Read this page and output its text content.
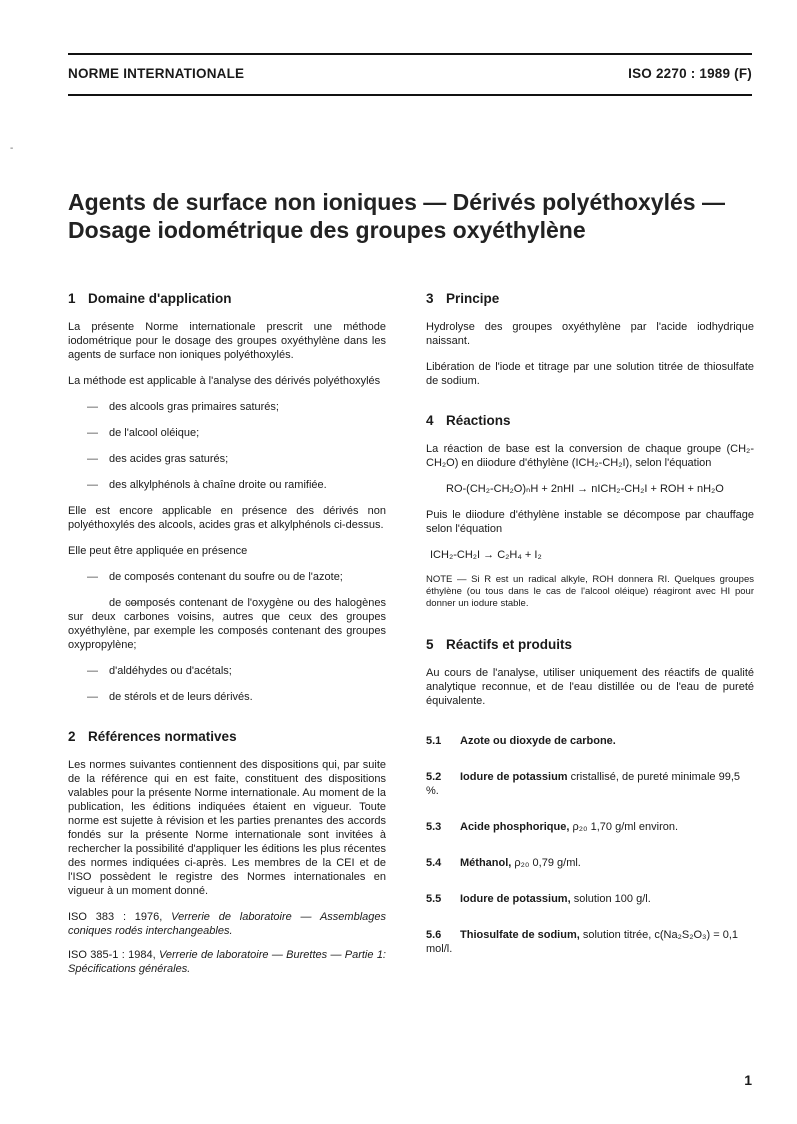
NORME INTERNATIONALE	ISO 2270 : 1989 (F)
-
Agents de surface non ioniques — Dérivés polyéthoxylés —
Dosage iodométrique des groupes oxyéthylène
1 Domaine d'application

La présente Norme internationale prescrit une méthode iodométrique pour le dosage des groupes oxyéthylène dans les agents de surface non ioniques polyéthoxylés.

La méthode est applicable à l'analyse des dérivés polyéthoxylés

— des alcools gras primaires saturés;
— de l'alcool oléique;
— des acides gras saturés;
— des alkylphénols à chaîne droite ou ramifiée.

Elle est encore applicable en présence des dérivés non polyéthoxylés des alcools, acides gras et alkylphénols ci-dessus.

Elle peut être appliquée en présence

— de composés contenant du soufre ou de l'azote;
— de composés contenant de l'oxygène ou des halogènes sur deux carbones voisins, autres que ceux des groupes oxyéthylène, par exemple les composés contenant des groupes oxypropylène;
— d'aldéhydes ou d'acétals;
— de stérols et de leurs dérivés.
2 Références normatives

Les normes suivantes contiennent des dispositions qui, par suite de la référence qui en est faite, constituent des dispositions valables pour la présente Norme internationale. Au moment de la publication, les éditions indiquées étaient en vigueur. Toute norme est sujette à révision et les parties prenantes des accords fondés sur la présente Norme internationale sont invitées à rechercher la possibilité d'appliquer les éditions les plus récentes des normes indiquées ci-après. Les membres de la CEI et de l'ISO possèdent le registre des Normes internationales en vigueur à un moment donné.

ISO 383 : 1976, Verrerie de laboratoire — Assemblages coniques rodés interchangeables.
ISO 385-1 : 1984, Verrerie de laboratoire — Burettes — Partie 1: Spécifications générales.
3 Principe

Hydrolyse des groupes oxyéthylène par l'acide iodhydrique naissant.

Libération de l'iode et titrage par une solution titrée de thiosulfate de sodium.

4 Réactions

La réaction de base est la conversion de chaque groupe (CH₂-CH₂O) en diiodure d'éthylène (ICH₂-CH₂I), selon l'équation

RO-(CH₂-CH₂O)ₙH + 2nHI → nICH₂-CH₂I + ROH + nH₂O

Puis le diiodure d'éthylène instable se décompose par chauffage selon l'équation

ICH₂-CH₂I → C₂H₄ + I₂

NOTE — Si R est un radical alkyle, ROH donnera RI. Quelques groupes éthylène (ou tous dans le cas de l'alcool oléique) réagiront avec HI pour donner un iodure stable.

5 Réactifs et produits

Au cours de l'analyse, utiliser uniquement des réactifs de qualité analytique reconnue, et de l'eau distillée ou de l'eau de pureté équivalente.

5.1 Azote ou dioxyde de carbone.
5.2 Iodure de potassium cristallisé, de pureté minimale 99,5 %.
5.3 Acide phosphorique, ρ₂₀ 1,70 g/ml environ.
5.4 Méthanol, ρ₂₀ 0,79 g/ml.
5.5 Iodure de potassium, solution 100 g/l.
5.6 Thiosulfate de sodium, solution titrée, c(Na₂S₂O₃) = 0,1 mol/l.
1
